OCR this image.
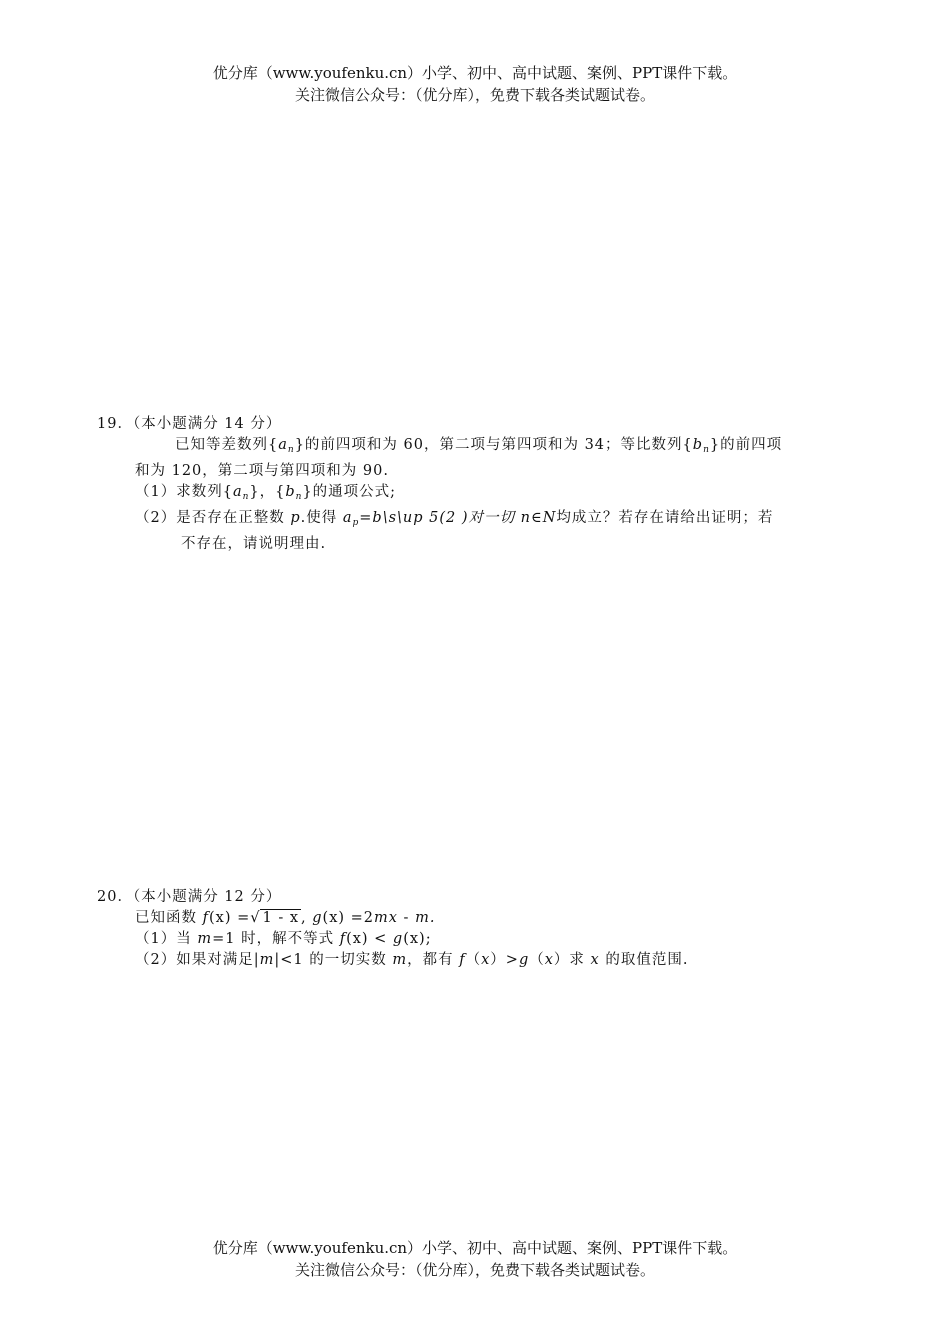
优分库（www.youfenku.cn）小学、初中、高中试题、案例、PPT课件下载。
关注微信公众号：（优分库），免费下载各类试题试卷。
19．（本小题满分 14 分）
已知等差数列$\{a_n\}$的前四项和为 60，第二项与第四项和为 34；等比数列$\{b_n\}$的前四项
和为 120，第二项与第四项和为 90.
（1）求数列$\{a_n\}$，$\{b_n\}$的通项公式;
（2）是否存在正整数 p.使得 $a_p=b\backslash s\backslash up$ 5(2 )对一切 n∈N均成立？若存在请给出证明；若
不存在，请说明理由.
20．（本小题满分 12 分）
已知函数 f(x) =√ 1 - x , g(x) =2mx - m.
（1）当 m=1 时，解不等式 f(x) < g(x);
（2）如果对满足|m|<1 的一切实数 m，都有 f（x）>g（x）求 x 的取值范围.
优分库（www.youfenku.cn）小学、初中、高中试题、案例、PPT课件下载。
关注微信公众号：（优分库），免费下载各类试题试卷。
